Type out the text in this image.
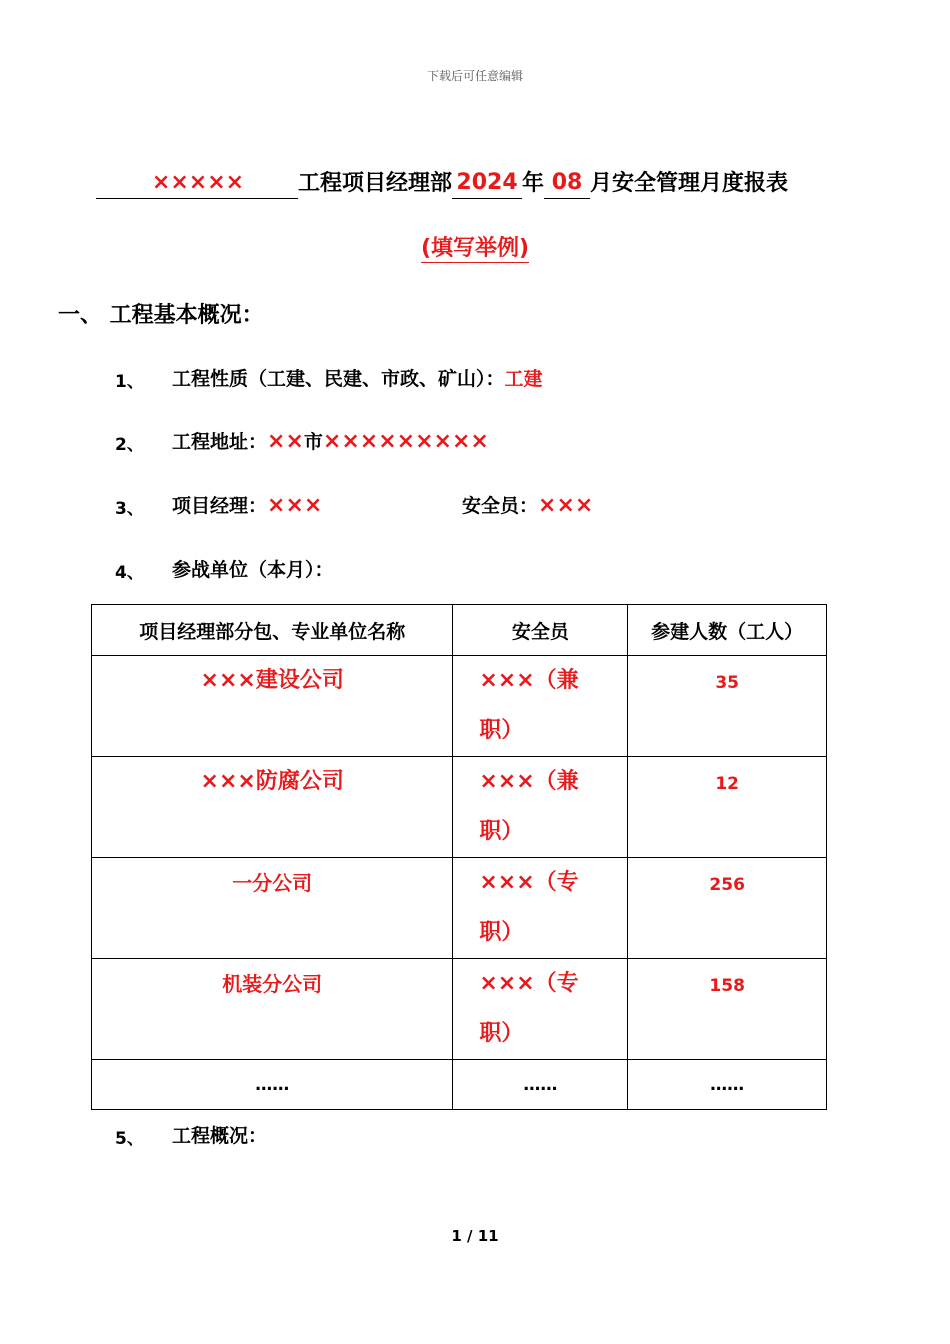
下载后可任意编辑
×××××	工程项目经理部 2024 年 08 月安全管理月度报表
(填写举例)
一、 工程基本概况：
1、 工程性质（工建、民建、市政、矿山）：工建
2、 工程地址：××市×××××××××
3、 项目经理：×××	安全员：×××
4、 参战单位（本月）：
项目经理部分包、专业单位名称	安全员	参建人数（工人）

×××建设公司	×××（兼职）	35

×××防腐公司	×××（兼职）	12

一分公司	×××（专职）	256

机装分公司	×××（专职）	158

……	……	……
5、 工程概况：
1 / 11
